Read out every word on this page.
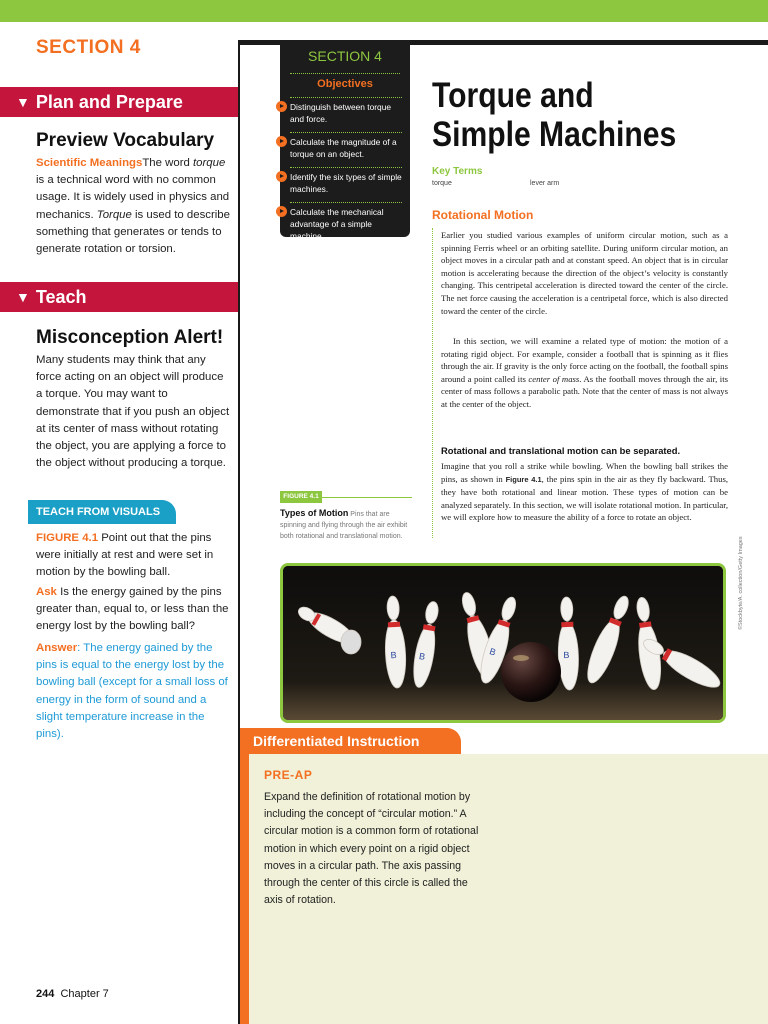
SECTION 4
▼ Plan and Prepare
Preview Vocabulary
Scientific MeaningsThe word torque is a technical word with no common usage. It is widely used in physics and mechanics. Torque is used to describe something that generates or tends to generate rotation or torsion.
▼ Teach
Misconception Alert!
Many students may think that any force acting on an object will produce a torque. You may want to demonstrate that if you push an object at its center of mass without rotating the object, you are applying a force to the object without producing a torque.
TEACH FROM VISUALS
FIGURE 4.1 Point out that the pins were initially at rest and were set in motion by the bowling ball.
Ask Is the energy gained by the pins greater than, equal to, or less than the energy lost by the bowling ball?
Answer: The energy gained by the pins is equal to the energy lost by the bowling ball (except for a small loss of energy in the form of sound and a slight temperature increase in the pins).
244 Chapter 7
SECTION 4
Objectives
Distinguish between torque and force.
Calculate the magnitude of a torque on an object.
Identify the six types of simple machines.
Calculate the mechanical advantage of a simple machine.
Torque and Simple Machines
Key Terms
torque	lever arm
Rotational Motion
Earlier you studied various examples of uniform circular motion, such as a spinning Ferris wheel or an orbiting satellite. During uniform circular motion, an object moves in a circular path and at constant speed. An object that is in circular motion is accelerating because the direction of the object’s velocity is constantly changing. This centripetal acceleration is directed toward the center of the circle. The net force causing the acceleration is a centripetal force, which is also directed toward the center of the circle.
In this section, we will examine a related type of motion: the motion of a rotating rigid object. For example, consider a football that is spinning as it flies through the air. If gravity is the only force acting on the football, the football spins around a point called its center of mass. As the football moves through the air, its center of mass follows a parabolic path. Note that the center of mass is not always at the center of the object.
Rotational and translational motion can be separated.
Imagine that you roll a strike while bowling. When the bowling ball strikes the pins, as shown in Figure 4.1, the pins spin in the air as they fly backward. Thus, they have both rotational and linear motion. These types of motion can be analyzed separately. In this section, we will isolate rotational motion. In particular, we will explore how to measure the ability of a force to rotate an object.
FIGURE 4.1
Types of Motion Pins that are spinning and flying through the air exhibit both rotational and translational motion.
B B	B	B
©Stockbyte/A. collection/Getty Images
Differentiated Instruction
PRE-AP
Expand the definition of rotational motion by including the concept of “circular motion.” A circular motion is a common form of rotational motion in which every point on a rigid object moves in a circular path. The axis passing through the center of this circle is called the axis of rotation.
